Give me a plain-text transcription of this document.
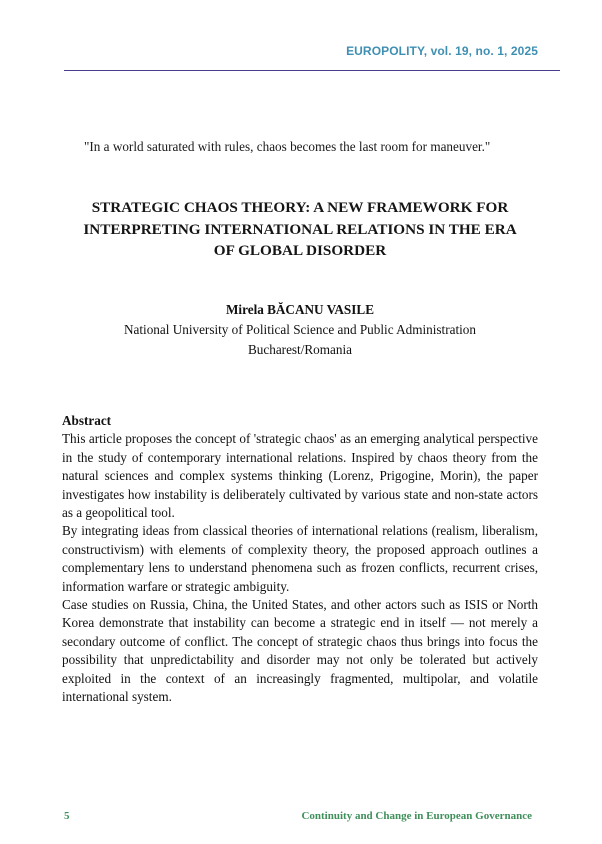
EUROPOLITY, vol. 19, no. 1, 2025
"In a world saturated with rules, chaos becomes the last room for maneuver."
STRATEGIC CHAOS THEORY: A NEW FRAMEWORK FOR
INTERPRETING INTERNATIONAL RELATIONS IN THE ERA
OF GLOBAL DISORDER
Mirela BĂCANU VASILE
National University of Political Science and Public Administration
Bucharest/Romania
Abstract

This article proposes the concept of 'strategic chaos' as an emerging analytical perspective in the study of contemporary international relations. Inspired by chaos theory from the natural sciences and complex systems thinking (Lorenz, Prigogine, Morin), the paper investigates how instability is deliberately cultivated by various state and non-state actors as a geopolitical tool.

By integrating ideas from classical theories of international relations (realism, liberalism, constructivism) with elements of complexity theory, the proposed approach outlines a complementary lens to understand phenomena such as frozen conflicts, recurrent crises, information warfare or strategic ambiguity.

Case studies on Russia, China, the United States, and other actors such as ISIS or North Korea demonstrate that instability can become a strategic end in itself — not merely a secondary outcome of conflict. The concept of strategic chaos thus brings into focus the possibility that unpredictability and disorder may not only be tolerated but actively exploited in the context of an increasingly fragmented, multipolar, and volatile international system.

5	Continuity and Change in European Governance
